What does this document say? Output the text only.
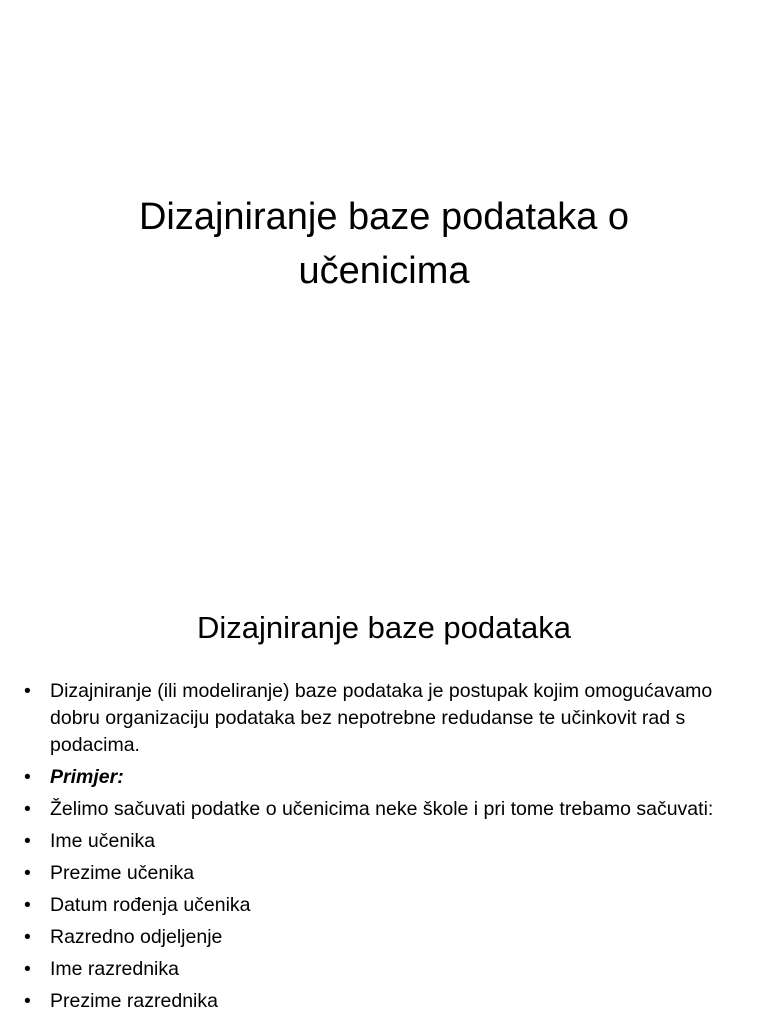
Dizajniranje baze podataka o
učenicima
Dizajniranje baze podataka
• Dizajniranje (ili modeliranje) baze podataka je postupak kojim omogućavamo dobru organizaciju podataka bez nepotrebne redudanse te učinkovit rad s podacima.
• Primjer:
• Želimo sačuvati podatke o učenicima neke škole i pri tome trebamo sačuvati:
• Ime učenika
• Prezime učenika
• Datum rođenja učenika
• Razredno odjeljenje
• Ime razrednika
• Prezime razrednika
